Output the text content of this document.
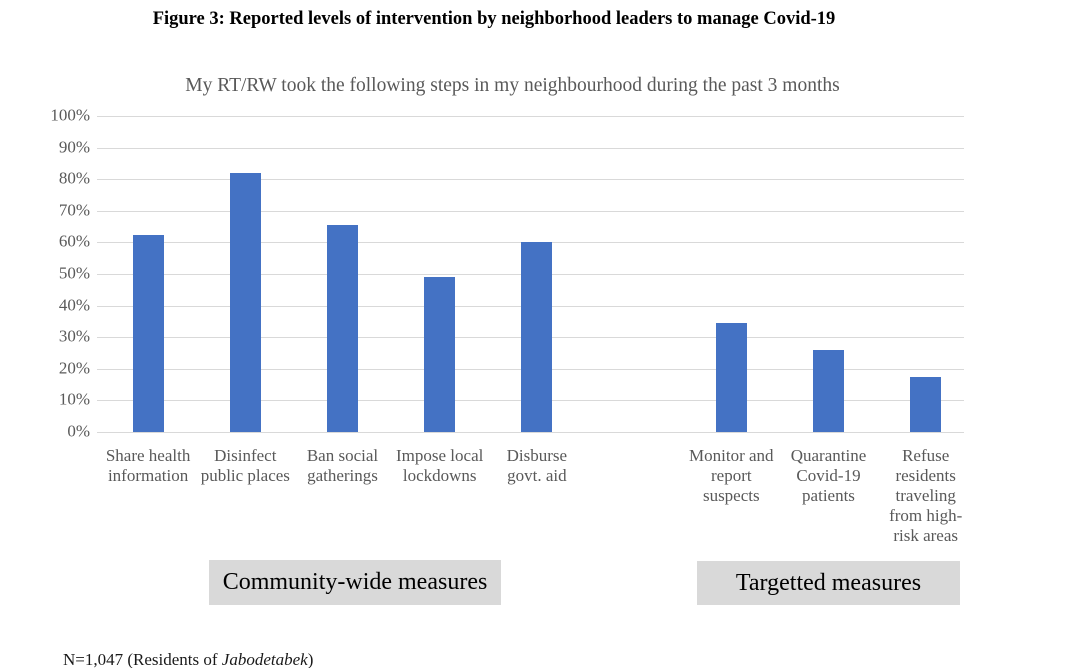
Figure 3: Reported levels of intervention by neighborhood leaders to manage Covid-19
My RT/RW took the following steps in my neighbourhood during the past 3 months
0%
10%
20%
30%
40%
50%
60%
70%
80%
90%
100%
Share health information
Disinfect public places
Ban social gatherings
Impose local lockdowns
Disburse govt. aid
Monitor and report suspects
Quarantine Covid-19 patients
Refuse residents traveling from high-risk areas
Community-wide measures	Targetted measures

N=1,047 (Residents of Jabodetabek)
